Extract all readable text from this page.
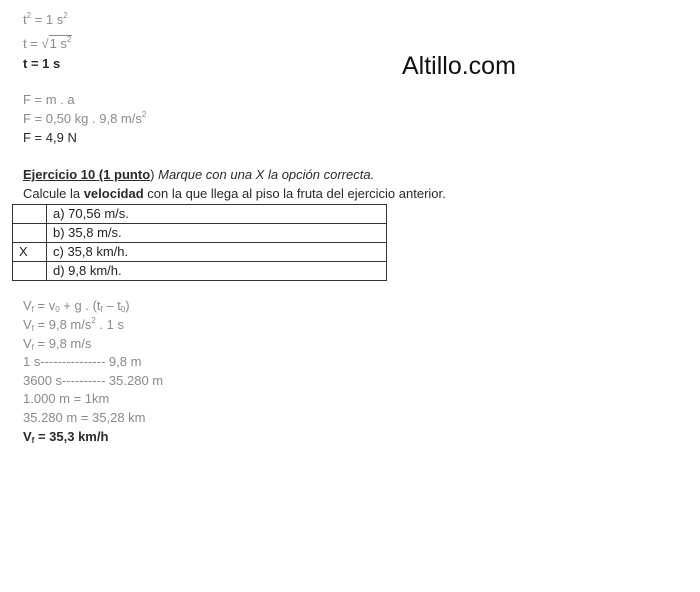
Altillo.com
$t^2 = 1$ $s^2$
t = √1 $s^2$
t = 1 s
F = m . a
F = 0,50 kg . 9,8 $m/s^2$
F = 4,9 N
Ejercicio 10 (1 punto) Marque con una X la opción correcta.
Calcule la velocidad con la que llega al piso la fruta del ejercicio anterior.
	a) 70,56 m/s.
	b) 35,8 m/s.
X	c) 35,8 km/h.
	d) 9,8 km/h.
$V_f = v_0 + g$ . $(t_f - t_0)$
$V_f = 9,8$ $m/s^2$ . 1 s
$V_f = 9,8$ m/s
1 s--------------- 9,8 m
3600 s---------- 35.280 m
1.000 m = 1km
35.280 m = 35,28 km
$V_f = 35,3$ km/h
